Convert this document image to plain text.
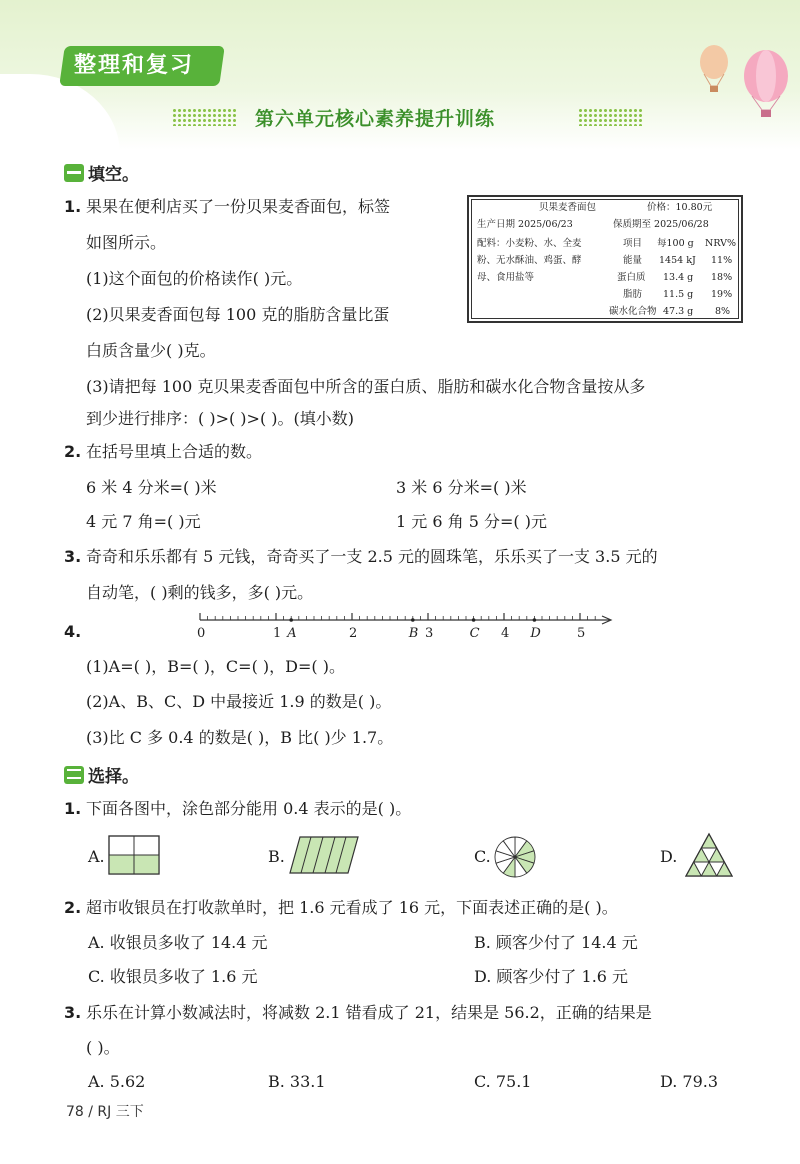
整理和复习
第六单元核心素养提升训练
填空。
1. 果果在便利店买了一份贝果麦香面包，标签
如图所示。
(1)这个面包的价格读作( )元。
(2)贝果麦香面包每 100 克的脂肪含量比蛋
白质含量少( )克。
(3)请把每 100 克贝果麦香面包中所含的蛋白质、脂肪和碳水化合物含量按从多
到少进行排序：( )>( )>( )。(填小数)
贝果麦香面包	价格：10.80元
生产日期 2025/06/23	保质期至 2025/06/28
配料：小麦粉、水、全麦
粉、无水酥油、鸡蛋、酵
母、食用盐等
项目 每100 g NRV%
能量 1454 kJ 11%
蛋白质 13.4 g 18%
脂肪 11.5 g 19%
碳水化合物 47.3 g 8%
2. 在括号里填上合适的数。
6 米 4 分米=( )米	3 米 6 分米=( )米
4 元 7 角=( )元	1 元 6 角 5 分=( )元
3. 奇奇和乐乐都有 5 元钱，奇奇买了一支 2.5 元的圆珠笔，乐乐买了一支 3.5 元的
自动笔，( )剩的钱多，多( )元。
4.	0	1	2	3	4	5
A	B	C	D
(1)A=( )，B=( )，C=( )，D=( )。
(2)A、B、C、D 中最接近 1.9 的数是( )。
(3)比 C 多 0.4 的数是( )，B 比( )少 1.7。
选择。
1. 下面各图中，涂色部分能用 0.4 表示的是( )。
A.	B.	C.	D.
2. 超市收银员在打收款单时，把 1.6 元看成了 16 元，下面表述正确的是( )。
A. 收银员多收了 14.4 元	B. 顾客少付了 14.4 元
C. 收银员多收了 1.6 元	D. 顾客少付了 1.6 元
3. 乐乐在计算小数减法时，将减数 2.1 错看成了 21，结果是 56.2，正确的结果是
( )。
A. 5.62	B. 33.1	C. 75.1	D. 79.3
78 / RJ 三下
